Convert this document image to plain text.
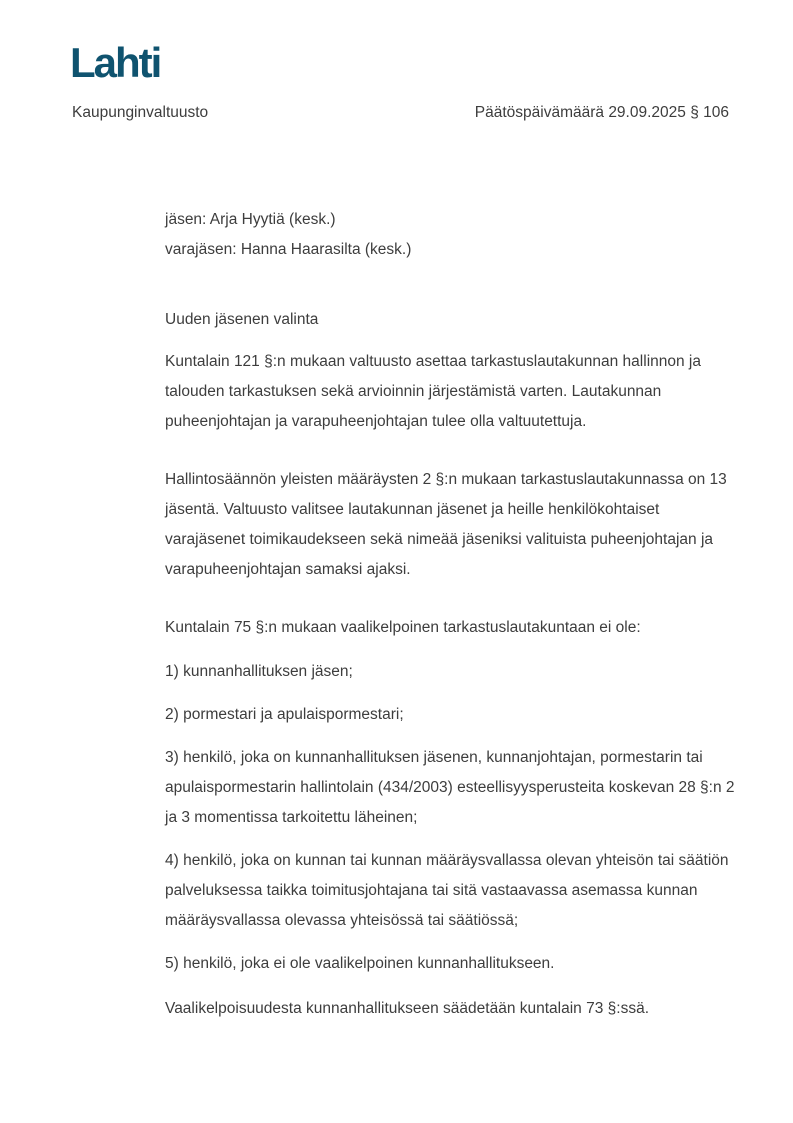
Lahti
Kaupunginvaltuusto	Päätöspäivämäärä 29.09.2025 § 106
jäsen: Arja Hyytiä (kesk.)
varajäsen: Hanna Haarasilta (kesk.)
Uuden jäsenen valinta

Kuntalain 121 §:n mukaan valtuusto asettaa tarkastuslautakunnan hallinnon ja talouden tarkastuksen sekä arvioinnin järjestämistä varten. Lautakunnan puheenjohtajan ja varapuheenjohtajan tulee olla valtuutettuja.

Hallintosäännön yleisten määräysten 2 §:n mukaan tarkastuslautakunnassa on 13 jäsentä. Valtuusto valitsee lautakunnan jäsenet ja heille henkilökohtaiset varajäsenet toimikaudekseen sekä nimeää jäseniksi valituista puheenjohtajan ja varapuheenjohtajan samaksi ajaksi.

Kuntalain 75 §:n mukaan vaalikelpoinen tarkastuslautakuntaan ei ole:

1) kunnanhallituksen jäsen;

2) pormestari ja apulaispormestari;

3) henkilö, joka on kunnanhallituksen jäsenen, kunnanjohtajan, pormestarin tai apulaispormestarin hallintolain (434/2003) esteellisyysperusteita koskevan 28 §:n 2 ja 3 momentissa tarkoitettu läheinen;

4) henkilö, joka on kunnan tai kunnan määräysvallassa olevan yhteisön tai säätiön palveluksessa taikka toimitusjohtajana tai sitä vastaavassa asemassa kunnan määräysvallassa olevassa yhteisössä tai säätiössä;

5) henkilö, joka ei ole vaalikelpoinen kunnanhallitukseen.

Vaalikelpoisuudesta kunnanhallitukseen säädetään kuntalain 73 §:ssä.
